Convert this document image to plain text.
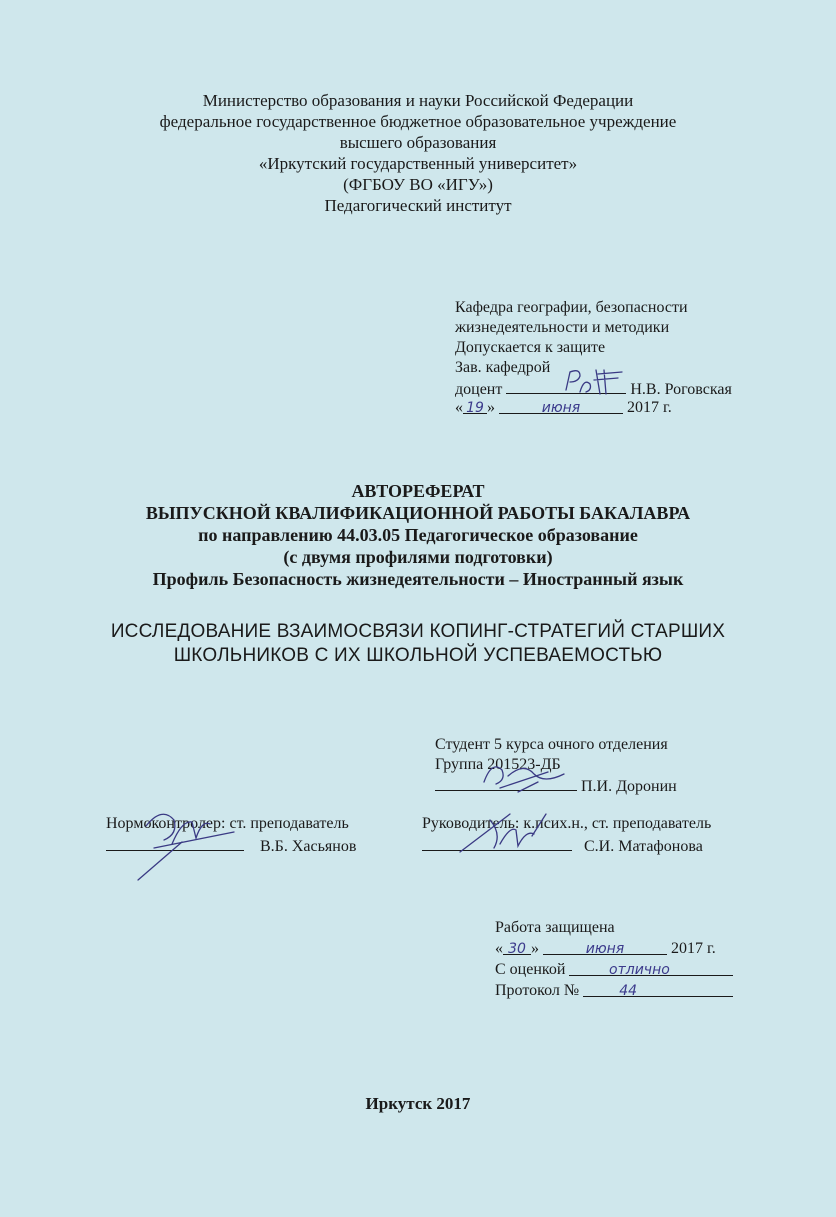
Министерство образования и науки Российской Федерации
федеральное государственное бюджетное образовательное учреждение
высшего образования
«Иркутский государственный университет»
(ФГБОУ ВО «ИГУ»)
Педагогический институт
Кафедра географии, безопасности
жизнедеятельности и методики
Допускается к защите
Зав. кафедрой
доцент	Н.В. Роговская
« 19 »	июня	2017 г.
АВТОРЕФЕРАТ
ВЫПУСКНОЙ КВАЛИФИКАЦИОННОЙ РАБОТЫ БАКАЛАВРА
по направлению 44.03.05 Педагогическое образование
(с двумя профилями подготовки)
Профиль Безопасность жизнедеятельности – Иностранный язык
ИССЛЕДОВАНИЕ ВЗАИМОСВЯЗИ КОПИНГ-СТРАТЕГИЙ СТАРШИХ
ШКОЛЬНИКОВ С ИХ ШКОЛЬНОЙ УСПЕВАЕМОСТЬЮ
Студент 5 курса очного отделения
Группа 201523-ДБ
П.И. Доронин
Нормоконтролер: ст. преподаватель
В.Б. Хасьянов
Руководитель: к.псих.н., ст. преподаватель
С.И. Матафонова
Работа защищена
« 30 »	июня	2017 г.
С оценкой	отлично
Протокол №	44
Иркутск 2017
